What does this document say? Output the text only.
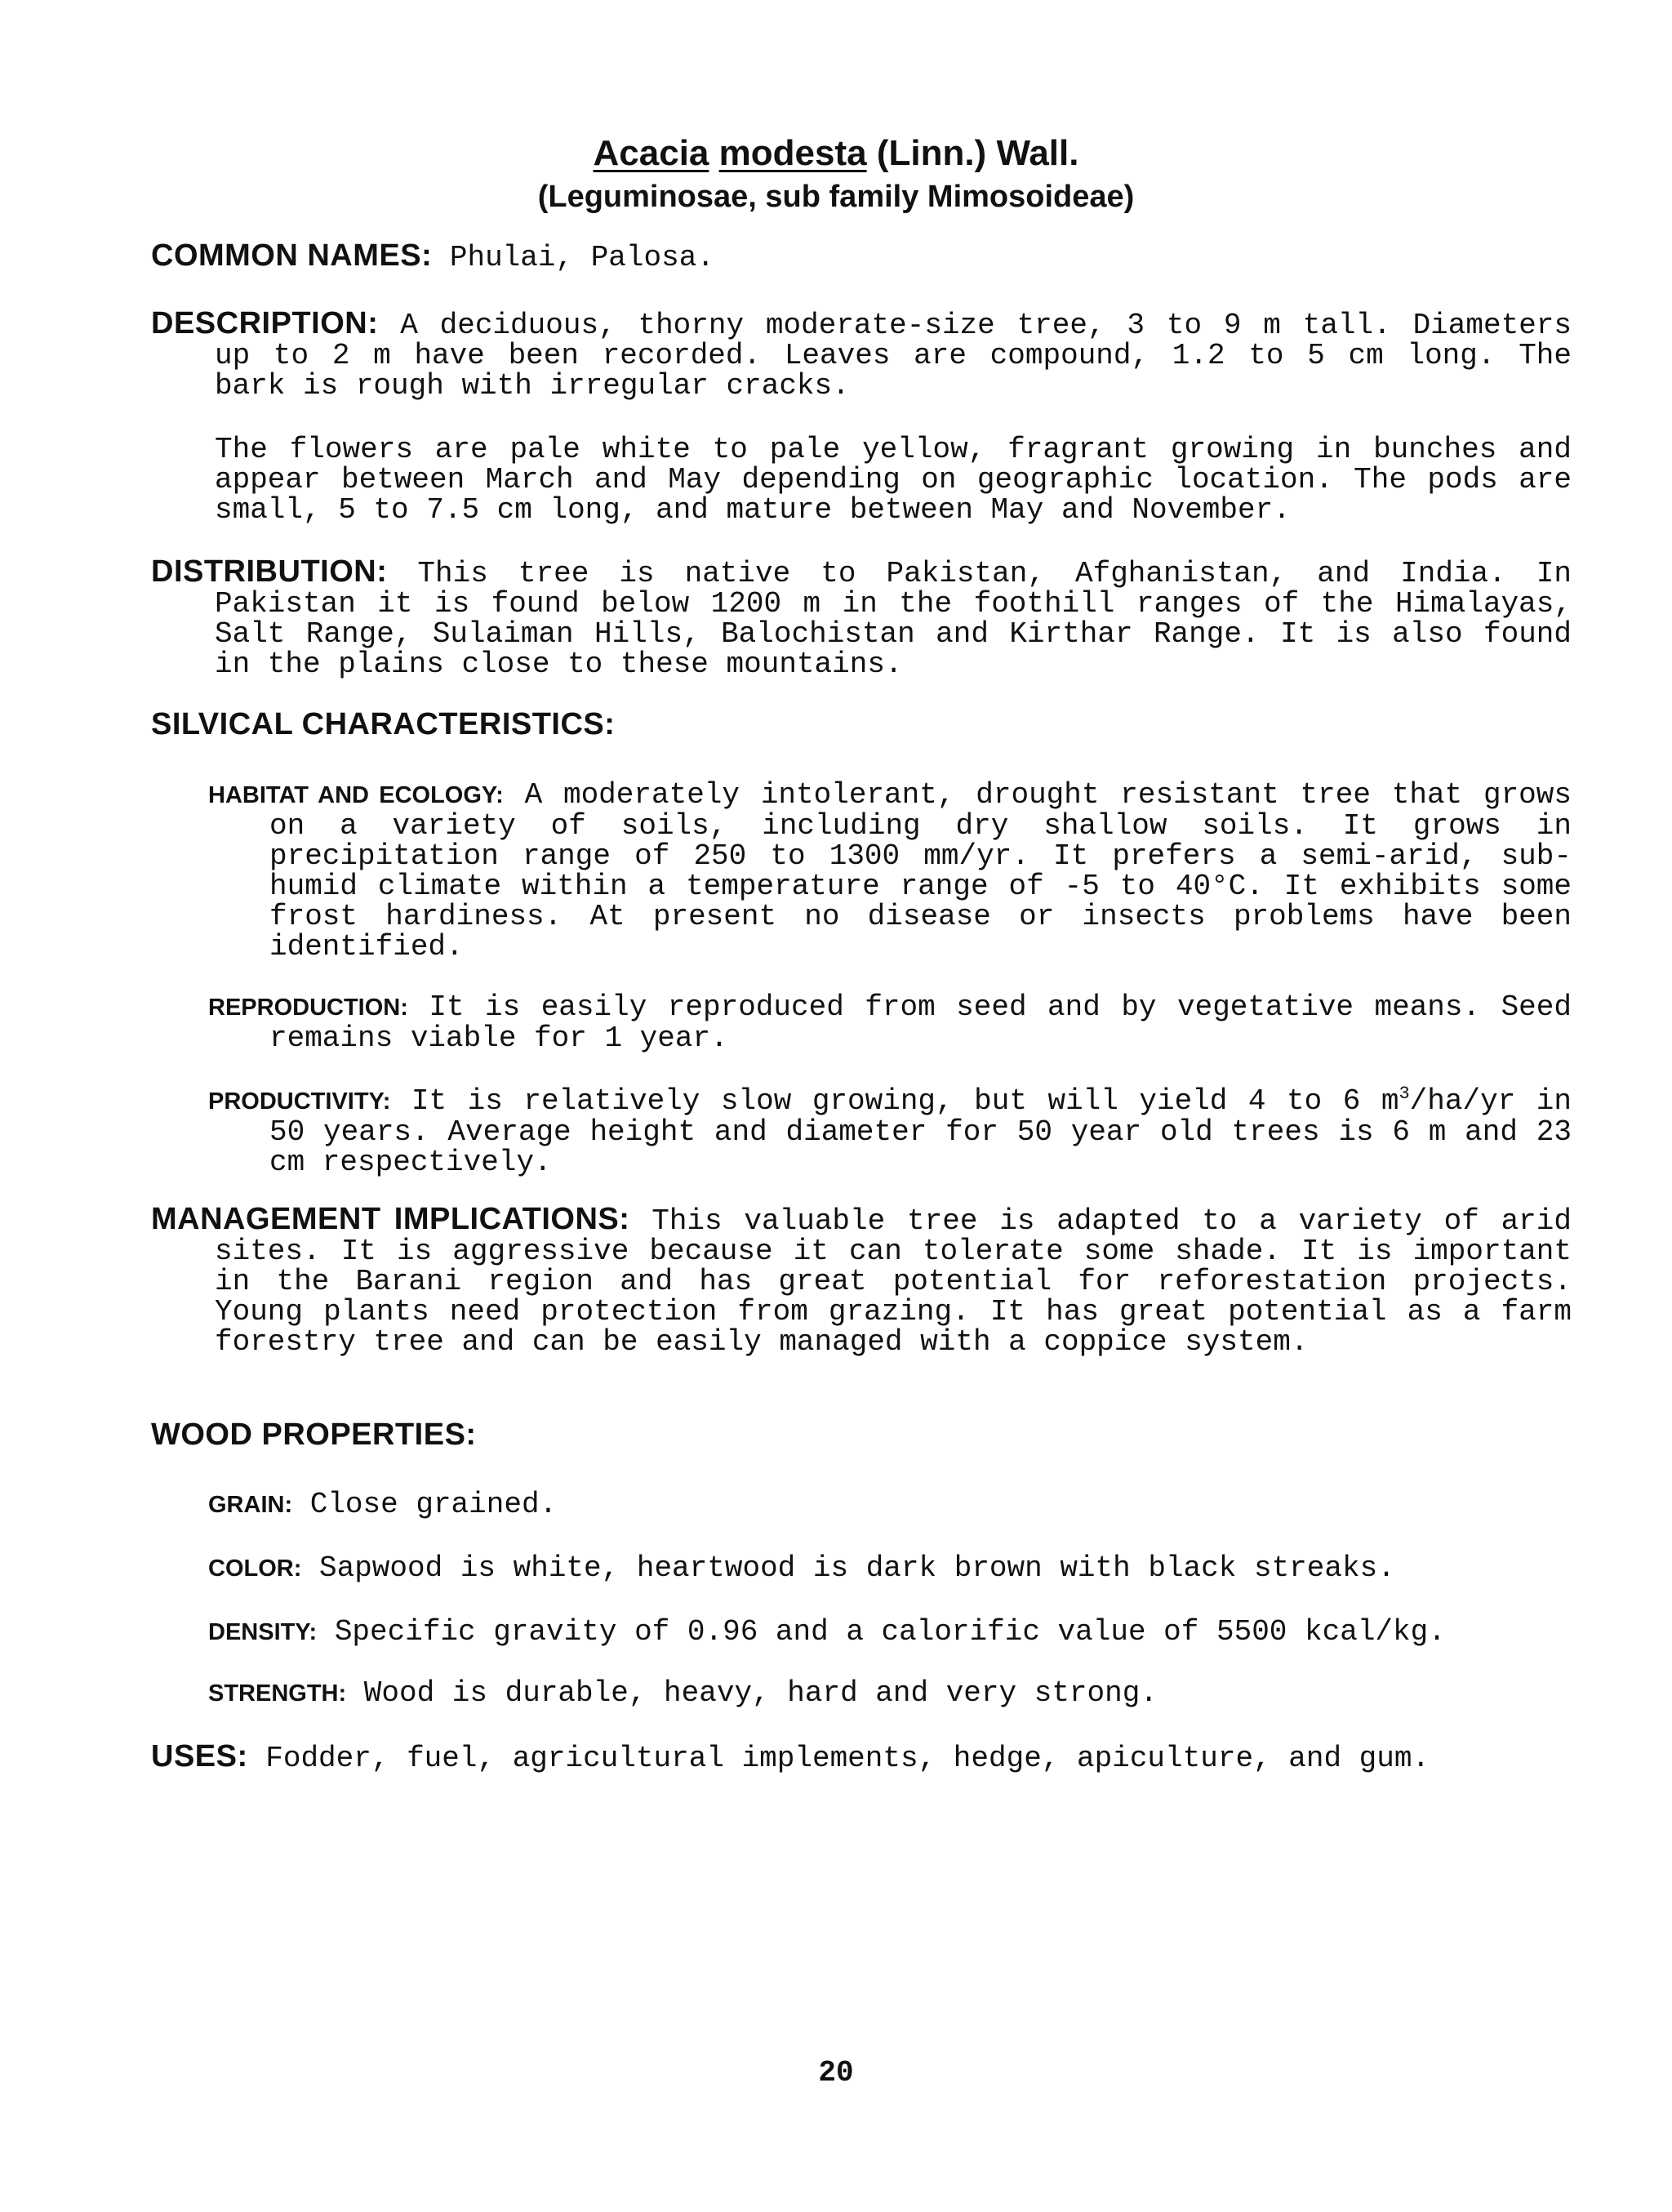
Acacia modesta (Linn.) Wall.

(Leguminosae, sub family Mimosoideae)

COMMON NAMES: Phulai, Palosa.

DESCRIPTION: A deciduous, thorny moderate-size tree, 3 to 9 m tall. Diameters up to 2 m have been recorded. Leaves are compound, 1.2 to 5 cm long. The bark is rough with irregular cracks.

The flowers are pale white to pale yellow, fragrant growing in bunches and appear between March and May depending on geographic location. The pods are small, 5 to 7.5 cm long, and mature between May and November.

DISTRIBUTION: This tree is native to Pakistan, Afghanistan, and India. In Pakistan it is found below 1200 m in the foothill ranges of the Himalayas, Salt Range, Sulaiman Hills, Balochistan and Kirthar Range. It is also found in the plains close to these mountains.

SILVICAL CHARACTERISTICS:

HABITAT AND ECOLOGY: A moderately intolerant, drought resistant tree that grows on a variety of soils, including dry shallow soils. It grows in precipitation range of 250 to 1300 mm/yr. It prefers a semi-arid, sub-humid climate within a temperature range of -5 to 40°C. It exhibits some frost hardiness. At present no disease or insects problems have been identified.

REPRODUCTION: It is easily reproduced from seed and by vegetative means. Seed remains viable for 1 year.

PRODUCTIVITY: It is relatively slow growing, but will yield 4 to 6 $m^3/ha/yr$ in 50 years. Average height and diameter for 50 year old trees is 6 m and 23 cm respectively.

MANAGEMENT IMPLICATIONS: This valuable tree is adapted to a variety of arid sites. It is aggressive because it can tolerate some shade. It is important in the Barani region and has great potential for reforestation projects. Young plants need protection from grazing. It has great potential as a farm forestry tree and can be easily managed with a coppice system.

WOOD PROPERTIES:

GRAIN: Close grained.

COLOR: Sapwood is white, heartwood is dark brown with black streaks.

DENSITY: Specific gravity of 0.96 and a calorific value of 5500 kcal/kg.

STRENGTH: Wood is durable, heavy, hard and very strong.

USES: Fodder, fuel, agricultural implements, hedge, apiculture, and gum.

20
